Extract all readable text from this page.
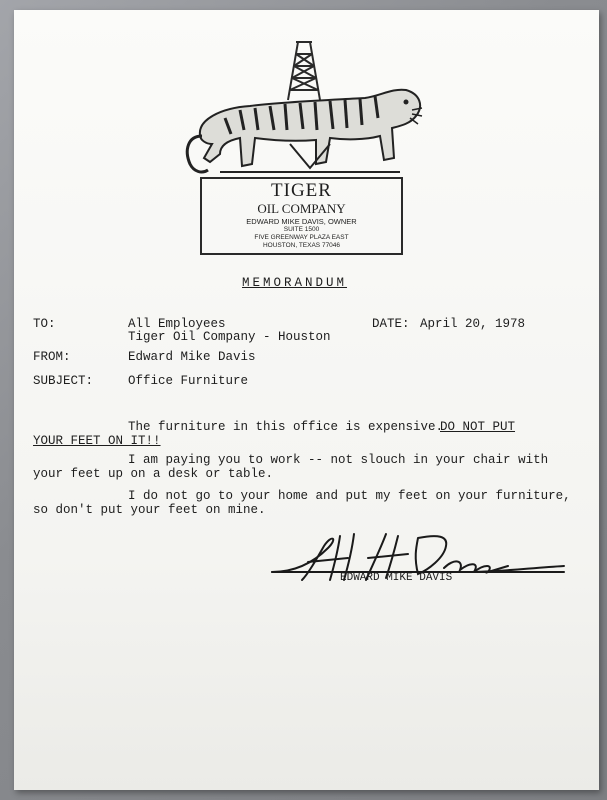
TIGER
OIL COMPANY
EDWARD MIKE DAVIS, OWNER
SUITE 1500
FIVE GREENWAY PLAZA EAST
HOUSTON, TEXAS 77046
MEMORANDUM
TO:	All Employees
Tiger Oil Company - Houston
DATE: April 20, 1978
FROM:	Edward Mike Davis
SUBJECT:	Office Furniture
The furniture in this office is expensive.
DO NOT PUT
YOUR FEET ON IT!!
I am paying you to work -- not slouch in your chair with
your feet up on a desk or table.
I do not go to your home and put my feet on your furniture,
so don't put your feet on mine.
EDWARD MIKE DAVIS
